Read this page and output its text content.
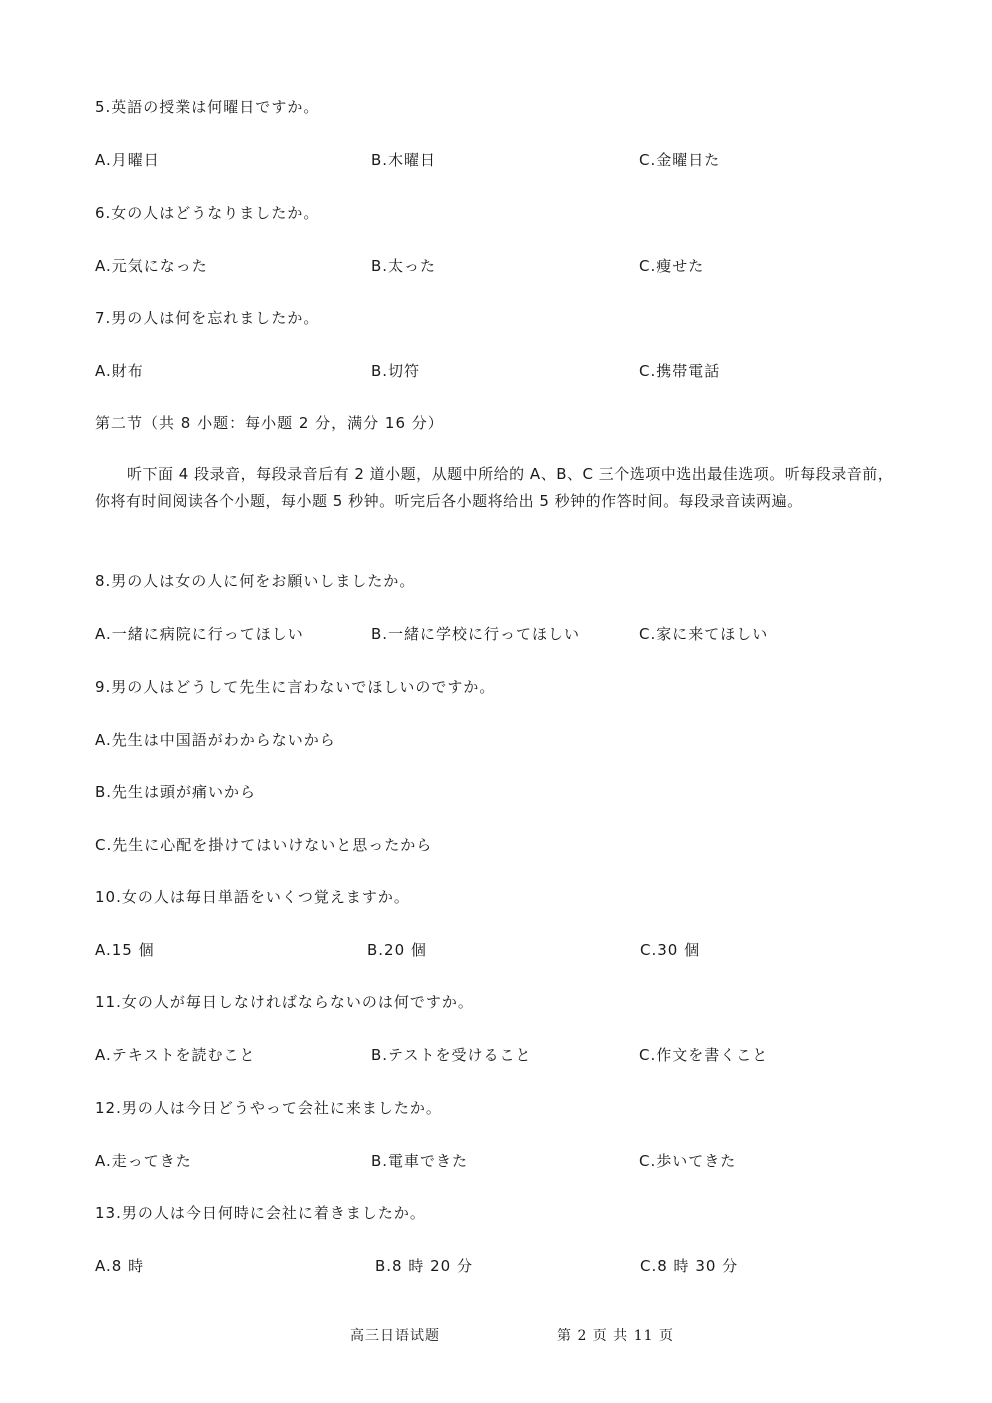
5.英語の授業は何曜日ですか。
A.月曜日	B.木曜日	C.金曜日た
6.女の人はどうなりましたか。
A.元気になった	B.太った	C.瘦せた
7.男の人は何を忘れましたか。
A.財布	B.切符	C.携帯電話
第二节（共 8 小题：每小题 2 分，满分 16 分）
听下面 4 段录音，每段录音后有 2 道小题，从题中所给的 A、B、C 三个选项中选出最佳选项。听每段录音前，你将有时间阅读各个小题，每小题 5 秒钟。听完后各小题将给出 5 秒钟的作答时间。每段录音读两遍。
8.男の人は女の人に何をお願いしましたか。
A.一緒に病院に行ってほしい	B.一緒に学校に行ってほしい	C.家に来てほしい
9.男の人はどうして先生に言わないでほしいのですか。
A.先生は中国語がわからないから
B.先生は頭が痛いから
C.先生に心配を掛けてはいけないと思ったから
10.女の人は毎日単語をいくつ覚えますか。
A.15 個	B.20 個	C.30 個
11.女の人が毎日しなければならないのは何ですか。
A.テキストを読むこと	B.テストを受けること	C.作文を書くこと
12.男の人は今日どうやって会社に来ましたか。
A.走ってきた	B.電車できた	C.歩いてきた
13.男の人は今日何時に会社に着きましたか。
A.8 時	B.8 時 20 分	C.8 時 30 分
高三日语试题	第 2 页 共 11 页
